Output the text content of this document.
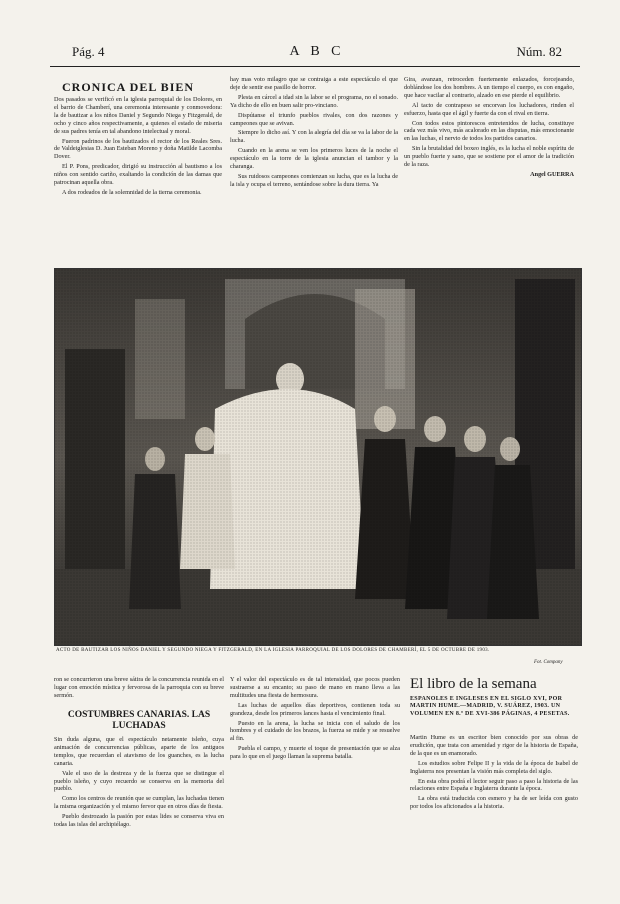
Pág. 4	A B C	Núm. 82
CRONICA DEL BIEN

Dos pasados se verificó en la iglesia parroquial de los Dolores, en el barrio de Chamberí, una ceremonia interesante y conmovedora: la de bautizar a los niños Daniel y Segundo Niega y Fitzgerald, de ocho y cinco años respectivamente, a quienes el estado de miseria de sus padres tenía en tal abandono intelectual y moral.

Fueron padrinos de los bautizados el rector de los Reales Sres. de Valdeiglesias D. Juan Esteban Moreno y doña Matilde Lacomba Dover.

El P. Pons, predicador, dirigió su instrucción al bautismo a los niños con sentido cariño, exaltando la condición de las damas que patrocinan aquella obra.

A dos rodeados de la solemnidad de la tierna ceremonia.

hay mas voto milagro que se contraiga a este espectáculo el que deje de sentir ese pasillo de horror.

Plesta en cárcel a idad sin la labor se el programa, no el sonado. Ya dicho de ello en buen salir pro-vinciano.

Dispútanse el triunfo pueblos rivales, con dos razones y campeones que se avivan.

Siempre lo dicho así. Y con la alegría del día se va la labor de la lucha.

Cuando en la arena se ven los primeros luces de la noche el espectáculo en la torre de la iglesia anuncian el tambor y la charanga.

Sus ruidosos campeones comienzan su lucha, que es la lucha de la isla y ocupa el terreno, sentándose sobre la dura tierra. Ya

Gira, avanzan, retroceden fuertemente enlazados, forcejeando, doblándose los dos hombres. A un tiempo el cuerpo, es con engaño, que hace vacilar al contrario, alzado en ese pierde el equilibrio.

Al tacto de contrapeso se encorvan los luchadores, rinden el esfuerzo, hasta que el ágil y fuerte da con el rival en tierra.

Con todos estos pintorescos entretenidos de lucha, constituye cada vez más vivo, más acalorado en las disputas, más emocionante en las luchas, el nervio de todos los partidos canarios.

Sin la brutalidad del boxeo inglés, es la lucha el noble espíritu de un pueblo fuerte y sano, que se sostiene por el amor de la tradición de la raza.

Angel GUERRA

ACTO DE BAUTIZAR LOS NIÑOS DANIEL Y SEGUNDO NIEGA Y FITZGERALD, EN LA IGLESIA PARROQUIAL DE LOS DOLORES DE CHAMBERÍ, EL 5 DE OCTUBRE DE 1903.
Fot. Company

ron se concurrieron una breve sátira de la concurrencia reunida en el lugar con emoción mística y fervorosa de la parroquia con su breve sermón.

COSTUMBRES CANARIAS. LAS LUCHADAS

Sin duda alguna, que el espectáculo netamente isleño, cuya animación de concurrencias públicas, aparte de los antiguos templos, que recuerdan el atavismo de los guanches, es la lucha canaria.

Vale el uso de la destreza y de la fuerza que se distingue el pueblo isleño, y cuyo recuerdo se conserva en la memoria del pueblo.

Como los centros de reunión que se cumplan, las luchadas tienen la misma organización y el mismo fervor que en otros días de fiesta.

Pueblo destrozado la pasión por estas lides se conserva viva en todas las islas del archipiélago.

Y el valor del espectáculo es de tal intensidad, que pocos pueden sustraerse a su encanto; su paso de mano en mano lleva a las multitudes una fiesta de hermosura.

Las luchas de aquellos días deportivos, contienen toda su grandeza, desde los primeros lances hasta el vencimiento final.

Puesto en la arena, la lucha se inicia con el saludo de los hombres y el cuidado de los brazos, la fuerza se mide y se resuelve al fin.

Puebla el campo, y muerte el toque de presentación que se alza para lo que en el juego llaman la suprema batalla.

El libro de la semana

ESPAÑOLES E INGLESES EN EL SIGLO XVI, POR MARTIN HUME.—MADRID, V. SUÁREZ, 1903. UN VOLUMEN EN 8.º DE XVI-386 PÁGINAS, 4 PESETAS.

Martin Hume es un escritor bien conocido por sus obras de erudición, que trata con amenidad y rigor de la historia de España, de la que es un enamorado.

Los estudios sobre Felipe II y la vida de la época de Isabel de Inglaterra nos presentan la visión más completa del siglo.

En esta obra podrá el lector seguir paso a paso la historia de las relaciones entre España e Inglaterra durante la época.

La obra está traducida con esmero y ha de ser leída con gusto por todos los aficionados a la historia.
